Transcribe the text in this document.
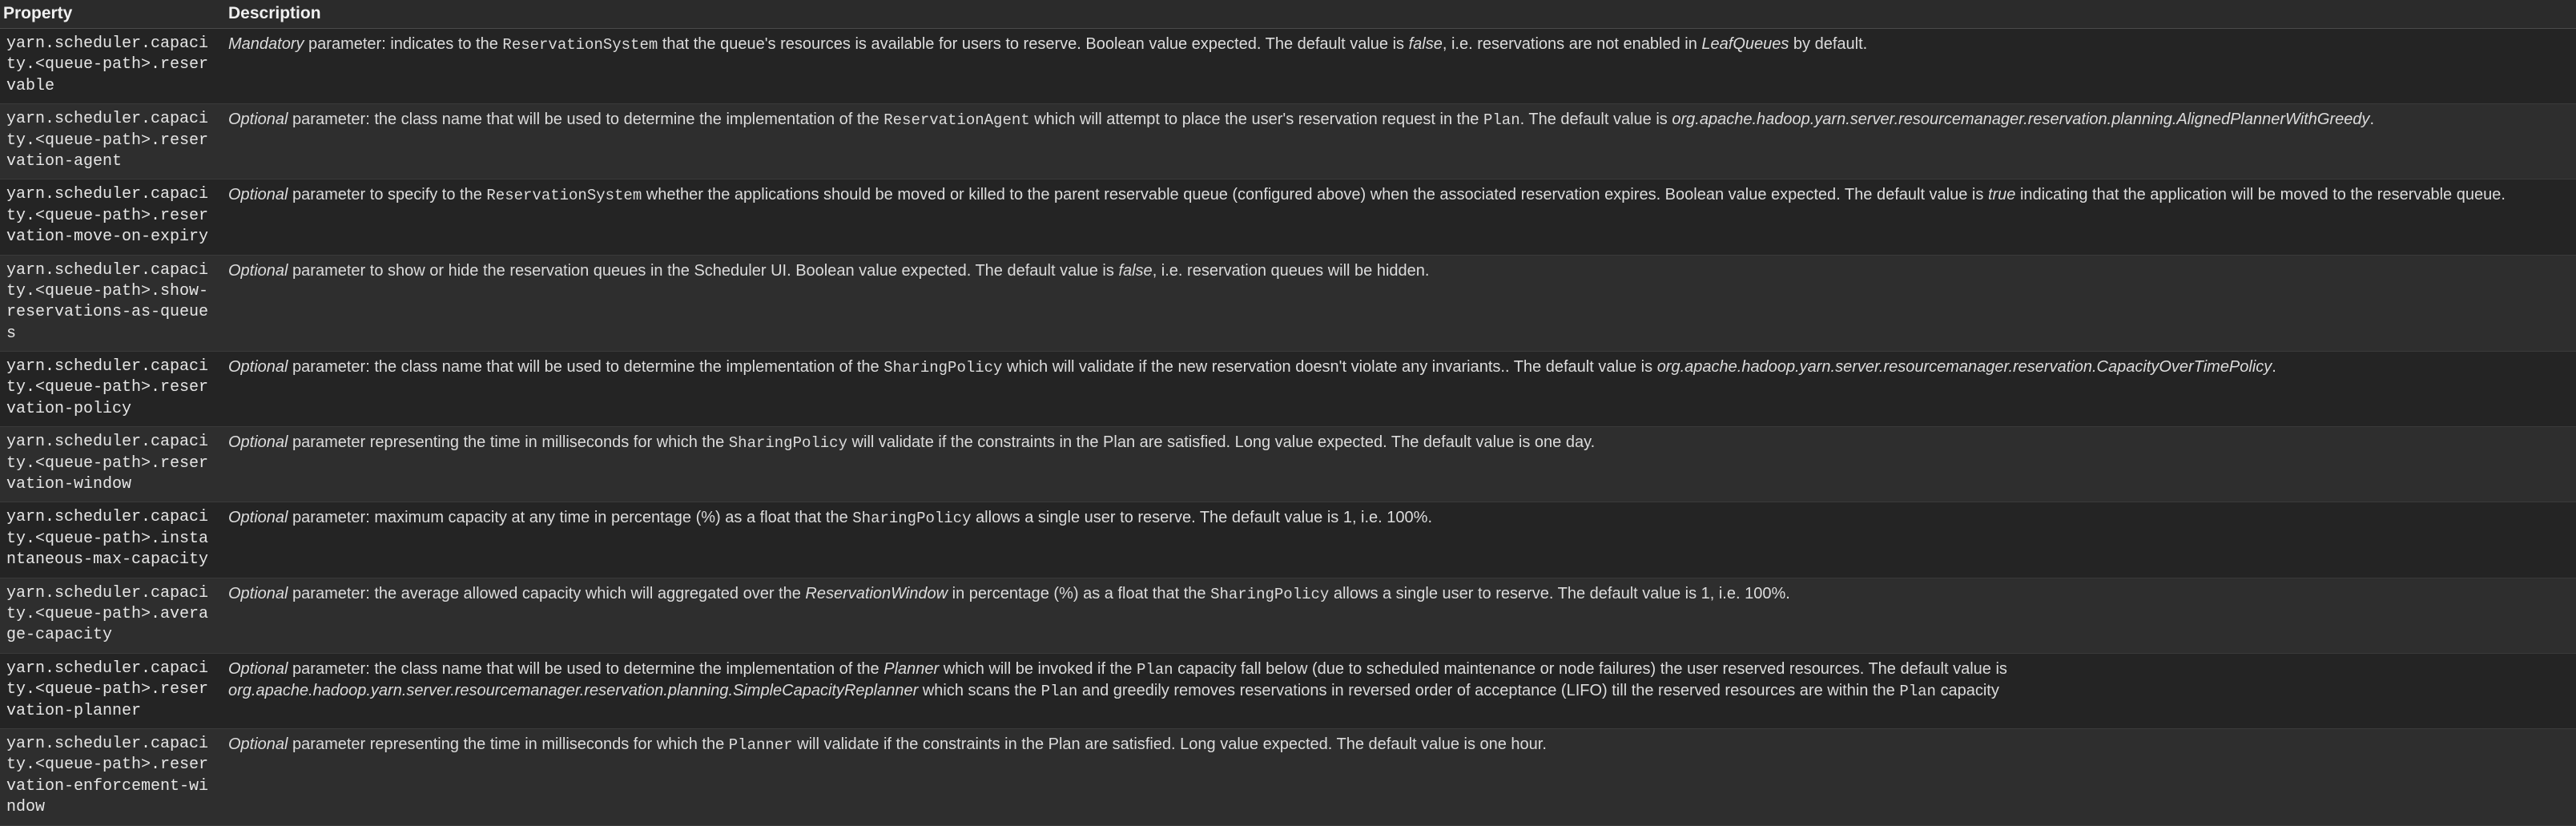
Property	Description
yarn.scheduler.capacity.<queue-path>.reservable	Mandatory parameter: indicates to the ReservationSystem that the queue's resources is available for users to reserve. Boolean value expected. The default value is false, i.e. reservations are not enabled in LeafQueues by default.
yarn.scheduler.capacity.<queue-path>.reservation-agent	Optional parameter: the class name that will be used to determine the implementation of the ReservationAgent which will attempt to place the user's reservation request in the Plan. The default value is org.apache.hadoop.yarn.server.resourcemanager.reservation.planning.AlignedPlannerWithGreedy.
yarn.scheduler.capacity.<queue-path>.reservation-move-on-expiry	Optional parameter to specify to the ReservationSystem whether the applications should be moved or killed to the parent reservable queue (configured above) when the associated reservation expires. Boolean value expected. The default value is true indicating that the application will be moved to the reservable queue.
yarn.scheduler.capacity.<queue-path>.show-reservations-as-queues	Optional parameter to show or hide the reservation queues in the Scheduler UI. Boolean value expected. The default value is false, i.e. reservation queues will be hidden.
yarn.scheduler.capacity.<queue-path>.reservation-policy	Optional parameter: the class name that will be used to determine the implementation of the SharingPolicy which will validate if the new reservation doesn't violate any invariants.. The default value is org.apache.hadoop.yarn.server.resourcemanager.reservation.CapacityOverTimePolicy.
yarn.scheduler.capacity.<queue-path>.reservation-window	Optional parameter representing the time in milliseconds for which the SharingPolicy will validate if the constraints in the Plan are satisfied. Long value expected. The default value is one day.
yarn.scheduler.capacity.<queue-path>.instantaneous-max-capacity	Optional parameter: maximum capacity at any time in percentage (%) as a float that the SharingPolicy allows a single user to reserve. The default value is 1, i.e. 100%.
yarn.scheduler.capacity.<queue-path>.average-capacity	Optional parameter: the average allowed capacity which will aggregated over the ReservationWindow in percentage (%) as a float that the SharingPolicy allows a single user to reserve. The default value is 1, i.e. 100%.
yarn.scheduler.capacity.<queue-path>.reservation-planner	Optional parameter: the class name that will be used to determine the implementation of the Planner which will be invoked if the Plan capacity fall below (due to scheduled maintenance or node failures) the user reserved resources. The default value is org.apache.hadoop.yarn.server.resourcemanager.reservation.planning.SimpleCapacityReplanner which scans the Plan and greedily removes reservations in reversed order of acceptance (LIFO) till the reserved resources are within the Plan capacity
yarn.scheduler.capacity.<queue-path>.reservation-enforcement-window	Optional parameter representing the time in milliseconds for which the Planner will validate if the constraints in the Plan are satisfied. Long value expected. The default value is one hour.
